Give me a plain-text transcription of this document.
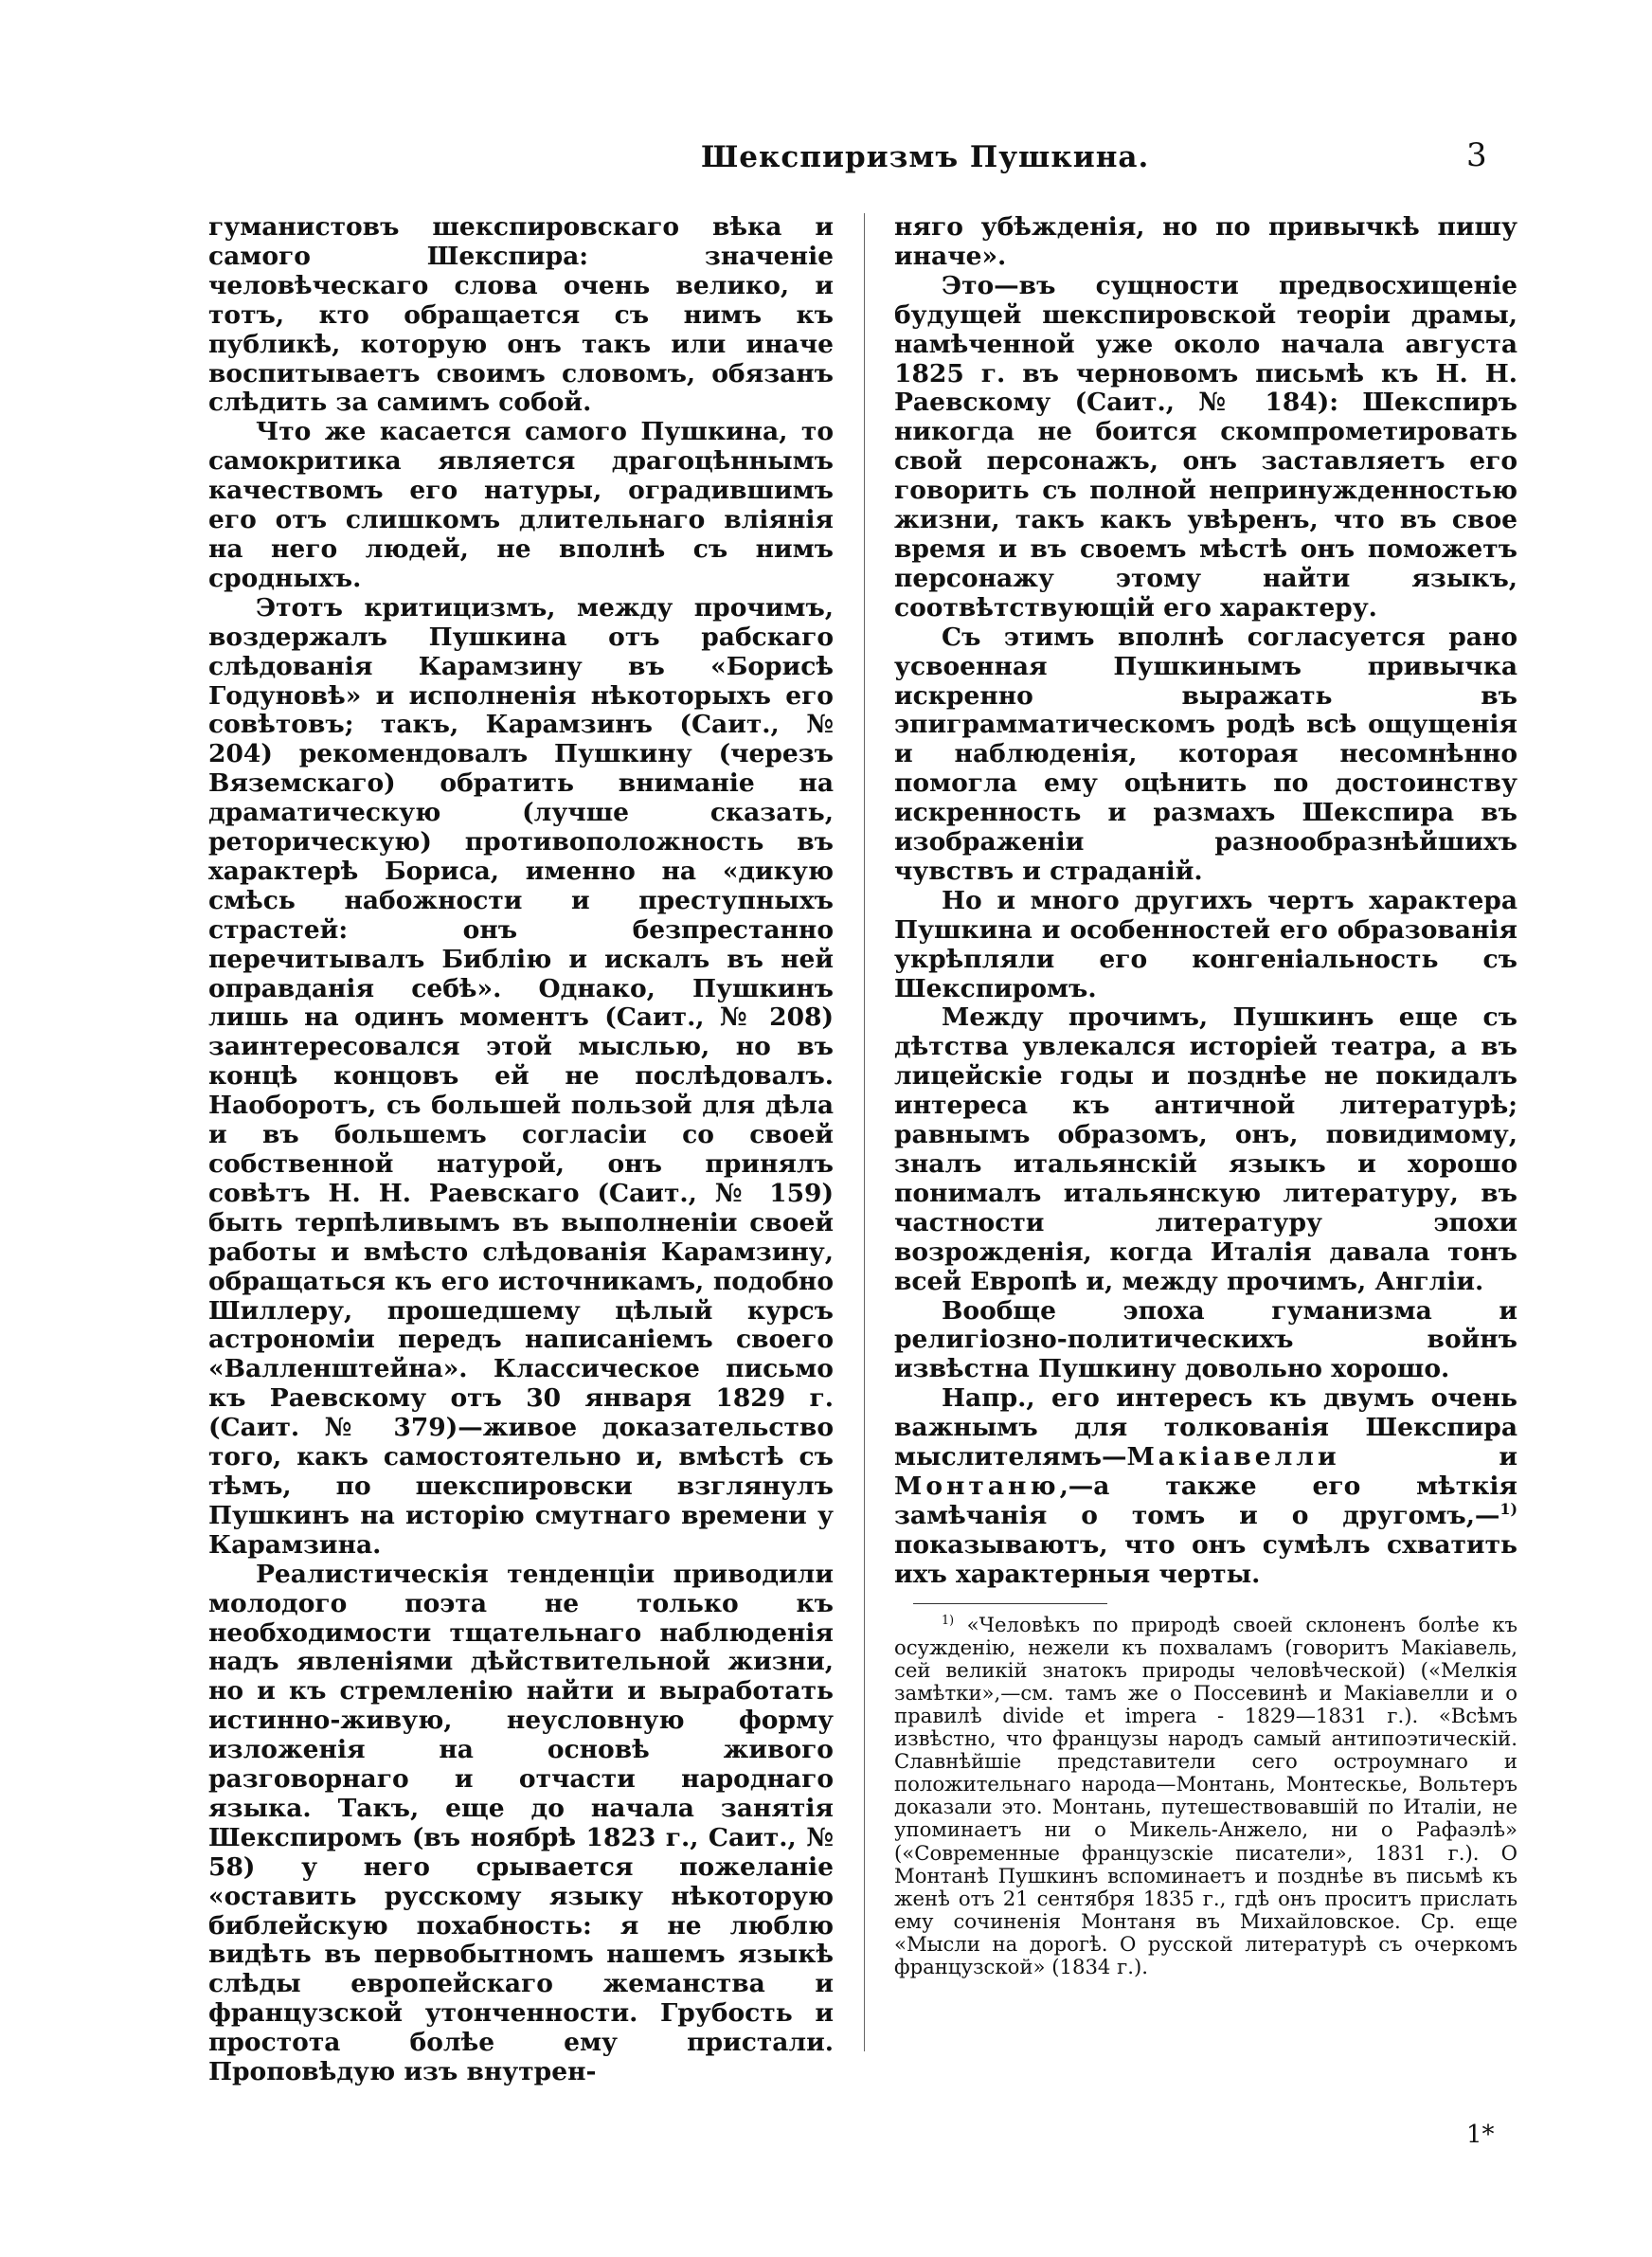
Шекспиризмъ Пушкина.	3

гуманистовъ шекспировскаго вѣка и самого Шекспира: значеніе человѣческаго слова очень велико, и тотъ, кто обращается съ нимъ къ публикѣ, которую онъ такъ или иначе воспитываетъ своимъ словомъ, обязанъ слѣдить за самимъ собой.

Что же касается самого Пушкина, то самокритика является драгоцѣннымъ качествомъ его натуры, оградившимъ его отъ слишкомъ длительнаго вліянія на него людей, не вполнѣ съ нимъ сродныхъ.

Этотъ критицизмъ, между прочимъ, воздержалъ Пушкина отъ рабскаго слѣдованія Карамзину въ «Борисѣ Годуновѣ» и исполненія нѣкоторыхъ его совѣтовъ; такъ, Карамзинъ (Саит., № 204) рекомендовалъ Пушкину (черезъ Вяземскаго) обратить вниманіе на драматическую (лучше сказать, реторическую) противоположность въ характерѣ Бориса, именно на «дикую смѣсь набожности и преступныхъ страстей: онъ безпрестанно перечитывалъ Библію и искалъ въ ней оправданія себѣ». Однако, Пушкинъ лишь на одинъ моментъ (Саит., № 208) заинтересовался этой мыслью, но въ концѣ концовъ ей не послѣдовалъ. Наоборотъ, съ большей пользой для дѣла и въ большемъ согласіи со своей собственной натурой, онъ принялъ совѣтъ Н. Н. Раевскаго (Саит., № 159) быть терпѣливымъ въ выполненіи своей работы и вмѣсто слѣдованія Карамзину, обращаться къ его источникамъ, подобно Шиллеру, прошедшему цѣлый курсъ астрономіи передъ написаніемъ своего «Валленштейна». Классическое письмо къ Раевскому отъ 30 января 1829 г. (Саит. № 379)—живое доказательство того, какъ самостоятельно и, вмѣстѣ съ тѣмъ, по шекспировски взглянулъ Пушкинъ на исторію смутнаго времени у Карамзина.

Реалистическія тенденціи приводили молодого поэта не только къ необходимости тщательнаго наблюденія надъ явленіями дѣйствительной жизни, но и къ стремленію найти и выработать истинно-живую, неусловную форму изложенія на основѣ живого разговорнаго и отчасти народнаго языка. Такъ, еще до начала занятія Шекспиромъ (въ ноябрѣ 1823 г., Саит., № 58) у него срывается пожеланіе «оставить русскому языку нѣкоторую библейскую похабность: я не люблю видѣть въ первобытномъ нашемъ языкѣ слѣды европейскаго жеманства и французской утонченности. Грубость и простота болѣе ему пристали. Проповѣдую изъ внутрен-

няго убѣжденія, но по привычкѣ пишу иначе».

Это—въ сущности предвосхищеніе будущей шекспировской теоріи драмы, намѣченной уже около начала августа 1825 г. въ черновомъ письмѣ къ Н. Н. Раевскому (Саит., № 184): Шекспиръ никогда не боится скомпрометировать свой персонажъ, онъ заставляетъ его говорить съ полной непринужденностью жизни, такъ какъ увѣренъ, что въ свое время и въ своемъ мѣстѣ онъ поможетъ персонажу этому найти языкъ, соотвѣтствующій его характеру.

Съ этимъ вполнѣ согласуется рано усвоенная Пушкинымъ привычка искренно выражать въ эпиграмматическомъ родѣ всѣ ощущенія и наблюденія, которая несомнѣнно помогла ему оцѣнить по достоинству искренность и размахъ Шекспира въ изображеніи разнообразнѣйшихъ чувствъ и страданій.

Но и много другихъ чертъ характера Пушкина и особенностей его образованія укрѣпляли его конгеніальность съ Шекспиромъ.

Между прочимъ, Пушкинъ еще съ дѣтства увлекался исторіей театра, а въ лицейскіе годы и позднѣе не покидалъ интереса къ античной литературѣ; равнымъ образомъ, онъ, повидимому, зналъ итальянскій языкъ и хорошо понималъ итальянскую литературу, въ частности литературу эпохи возрожденія, когда Италія давала тонъ всей Европѣ и, между прочимъ, Англіи.

Вообще эпоха гуманизма и религіозно-политическихъ войнъ извѣстна Пушкину довольно хорошо.

Напр., его интересъ къ двумъ очень важнымъ для толкованія Шекспира мыслителямъ—Макіавелли и Монтаню,—а также его мѣткія замѣчанія о томъ и о другомъ,—$^{1)}$ показываютъ, что онъ сумѣлъ схватить ихъ характерныя черты.

$^{1)}$ «Человѣкъ по природѣ своей склоненъ болѣе къ осужденію, нежели къ похваламъ (говоритъ Макіавель, сей великій знатокъ природы человѣческой) («Мелкія замѣтки»,—см. тамъ же о Поссевинѣ и Макіавелли и о правилѣ divide et impera - 1829—1831 г.). «Всѣмъ извѣстно, что французы народъ самый антипоэтическій. Славнѣйшіе представители сего остроумнаго и положительнаго народа—Монтань, Монтескье, Вольтеръ доказали это. Монтань, путешествовавшій по Италіи, не упоминаетъ ни о Микель-Анжело, ни о Рафаэлѣ» («Современные французскіе писатели», 1831 г.). О Монтанѣ Пушкинъ вспоминаетъ и позднѣе въ письмѣ къ женѣ отъ 21 сентября 1835 г., гдѣ онъ проситъ прислать ему сочиненія Монтаня въ Михайловское. Ср. еще «Мысли на дорогѣ. О русской литературѣ съ очеркомъ французской» (1834 г.).

1*
